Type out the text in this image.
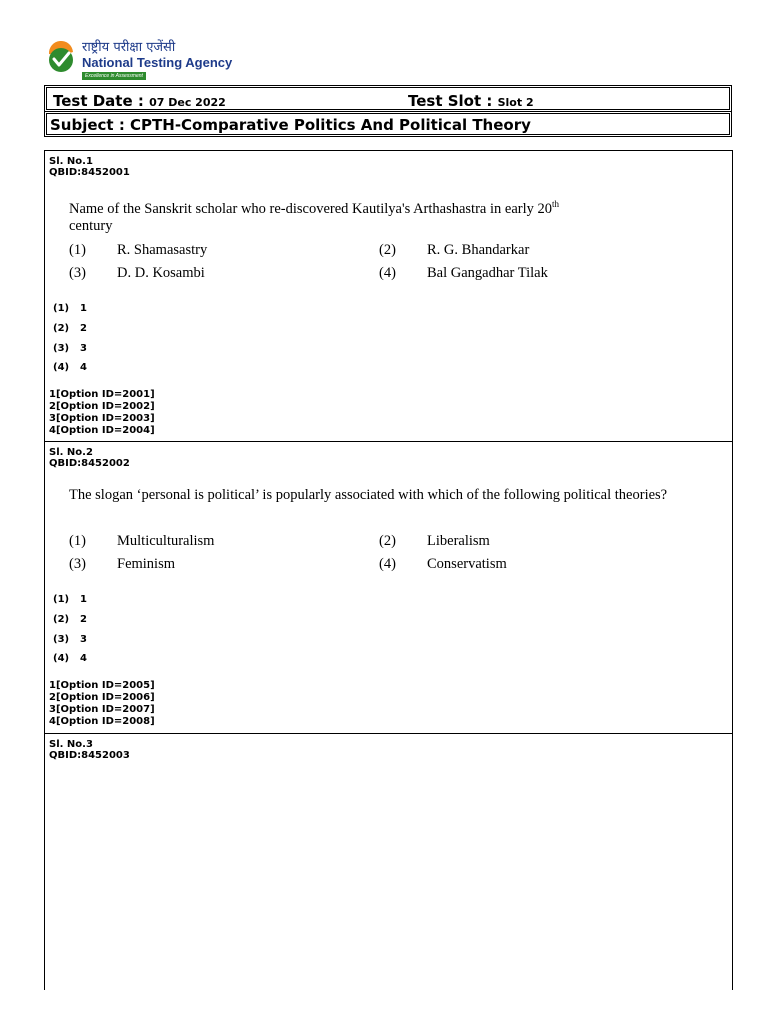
राष्ट्रीय परीक्षा एजेंसी
National Testing Agency
Excellence in Assessment
Test Date : 07 Dec 2022	Test Slot : Slot 2
Subject : CPTH-Comparative Politics And Political Theory
Sl. No.1
QBID:8452001
Name of the Sanskrit scholar who re-discovered Kautilya's Arthashastra in early 20th
century
(1) R. Shamasastry	(2) R. G. Bhandarkar
(3) D. D. Kosambi	(4) Bal Gangadhar Tilak
(1) 1
(2) 2
(3) 3
(4) 4
1[Option ID=2001]
2[Option ID=2002]
3[Option ID=2003]
4[Option ID=2004]
Sl. No.2
QBID:8452002
The slogan ‘personal is political’ is popularly associated with which of the following political theories?
(1) Multiculturalism	(2) Liberalism
(3) Feminism	(4) Conservatism
(1) 1
(2) 2
(3) 3
(4) 4
1[Option ID=2005]
2[Option ID=2006]
3[Option ID=2007]
4[Option ID=2008]
Sl. No.3
QBID:8452003
